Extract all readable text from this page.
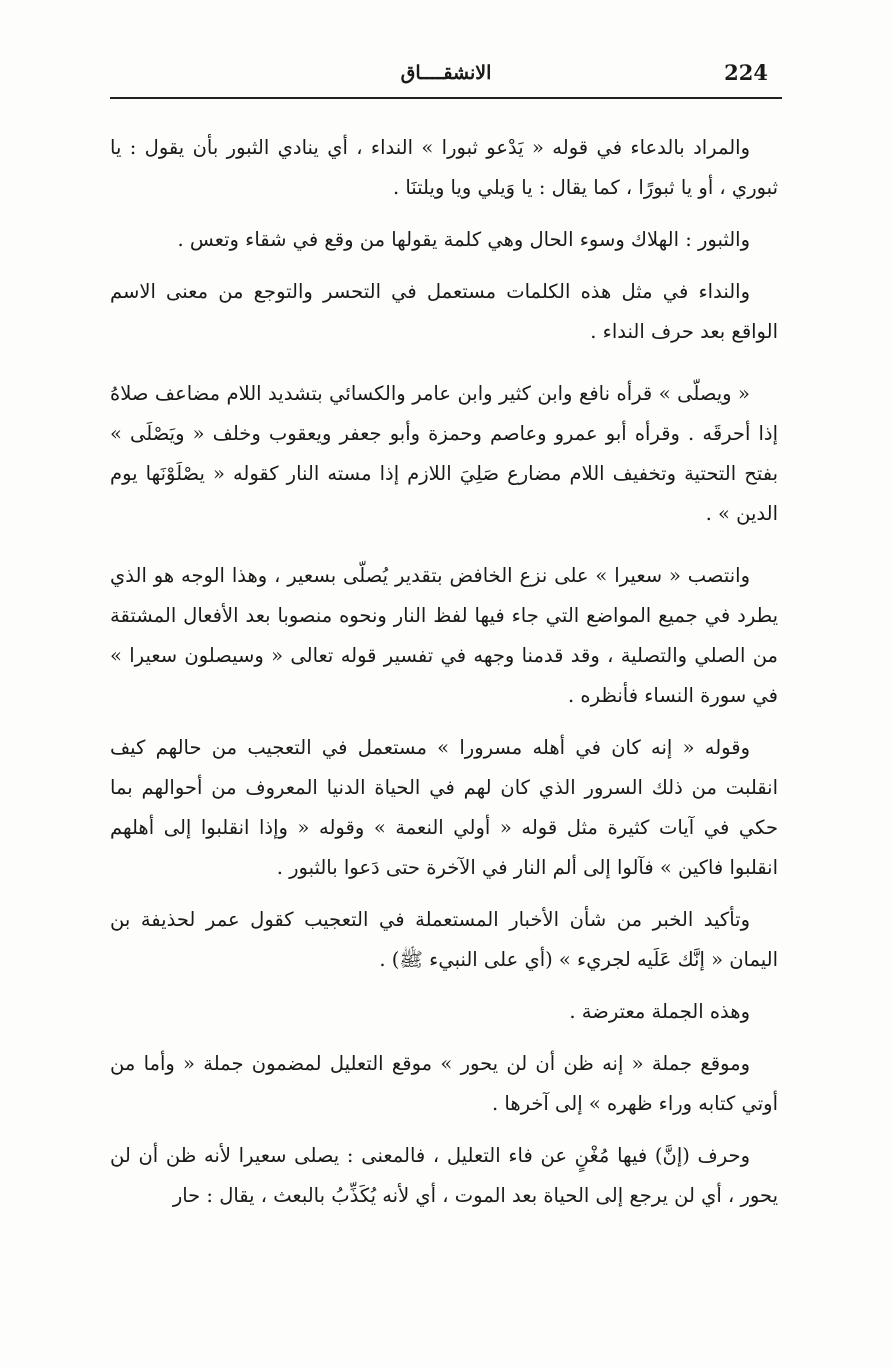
224
الانشقــــاق

والمراد بالدعاء في قوله « يَدْعو ثبورا » النداء ، أي ينادي الثبور بأن يقول : يا ثبوري ، أو يا ثبورًا ، كما يقال : يا وَيلي ويا ويلتنَا .

والثبور : الهلاك وسوء الحال وهي كلمة يقولها من وقع في شقاء وتعس .

والنداء في مثل هذه الكلمات مستعمل في التحسر والتوجع من معنى الاسم الواقع بعد حرف النداء .

« ويصلّى » قرأه نافع وابن كثير وابن عامر والكسائي بتشديد اللام مضاعف صلاهُ إذا أحرقَه . وقرأه أبو عمرو وعاصم وحمزة وأبو جعفر ويعقوب وخلف « ويَصْلَى » بفتح التحتية وتخفيف اللام مضارع صَلِيَ اللازم إذا مسته النار كقوله « يصْلَوْنَها يوم الدين » .

وانتصب « سعيرا » على نزع الخافض بتقدير يُصلّى بسعير ، وهذا الوجه هو الذي يطرد في جميع المواضع التي جاء فيها لفظ النار ونحوه منصوبا بعد الأفعال المشتقة من الصلي والتصلية ، وقد قدمنا وجهه في تفسير قوله تعالى « وسيصلون سعيرا » في سورة النساء فأنظره .

وقوله « إنه كان في أهله مسرورا » مستعمل في التعجيب من حالهم كيف انقلبت من ذلك السرور الذي كان لهم في الحياة الدنيا المعروف من أحوالهم بما حكي في آيات كثيرة مثل قوله « أولي النعمة » وقوله « وإذا انقلبوا إلى أهلهم انقلبوا فاكين » فآلوا إلى ألم النار في الآخرة حتى دَعوا بالثبور .

وتأكيد الخبر من شأن الأخبار المستعملة في التعجيب كقول عمر لحذيفة بن اليمان « إنَّك عَلَيه لجريء » (أي على النبيء ﷺ) .

وهذه الجملة معترضة .

وموقع جملة « إنه ظن أن لن يحور » موقع التعليل لمضمون جملة « وأما من أوتي كتابه وراء ظهره » إلى آخرها .

وحرف (إنَّ) فيها مُغْنٍ عن فاء التعليل ، فالمعنى : يصلى سعيرا لأنه ظن أن لن يحور ، أي لن يرجع إلى الحياة بعد الموت ، أي لأنه يُكَذِّبُ بالبعث ، يقال : حار
